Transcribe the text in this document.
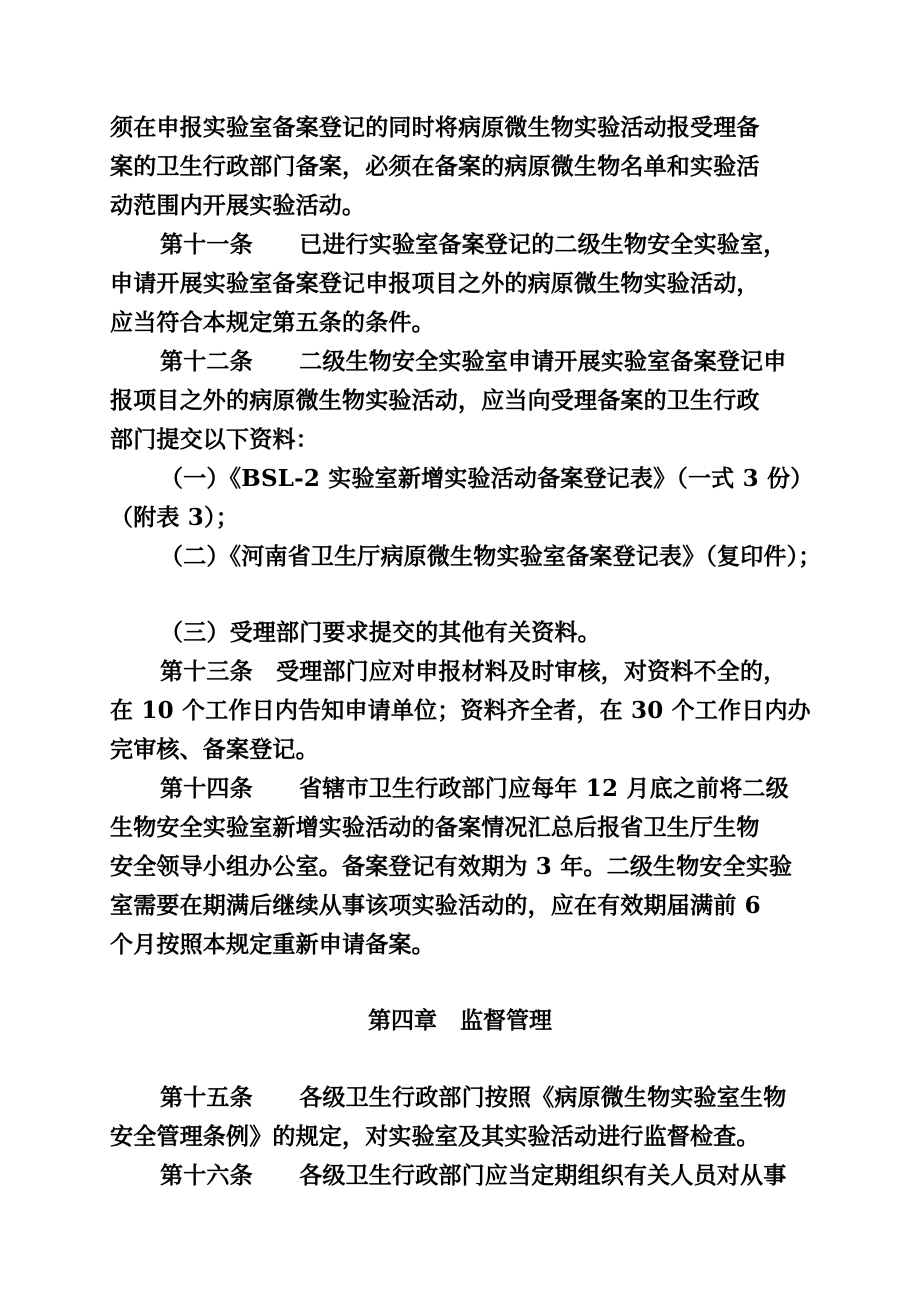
须在申报实验室备案登记的同时将病原微生物实验活动报受理备
案的卫生行政部门备案，必须在备案的病原微生物名单和实验活
动范围内开展实验活动。
第十一条　　已进行实验室备案登记的二级生物安全实验室，
申请开展实验室备案登记申报项目之外的病原微生物实验活动，
应当符合本规定第五条的条件。
第十二条　　二级生物安全实验室申请开展实验室备案登记申
报项目之外的病原微生物实验活动，应当向受理备案的卫生行政
部门提交以下资料：
（一）《BSL-2 实验室新增实验活动备案登记表》（一式 3 份）
（附表 3）；
（二）《河南省卫生厅病原微生物实验室备案登记表》（复印件）；
（三）受理部门要求提交的其他有关资料。
第十三条　受理部门应对申报材料及时审核，对资料不全的，
在 10 个工作日内告知申请单位；资料齐全者，在 30 个工作日内办
完审核、备案登记。
第十四条　　省辖市卫生行政部门应每年 12 月底之前将二级
生物安全实验室新增实验活动的备案情况汇总后报省卫生厅生物
安全领导小组办公室。备案登记有效期为 3 年。二级生物安全实验
室需要在期满后继续从事该项实验活动的，应在有效期届满前 6
个月按照本规定重新申请备案。
第四章　监督管理
第十五条　　各级卫生行政部门按照《病原微生物实验室生物
安全管理条例》的规定，对实验室及其实验活动进行监督检查。
第十六条　　各级卫生行政部门应当定期组织有关人员对从事
